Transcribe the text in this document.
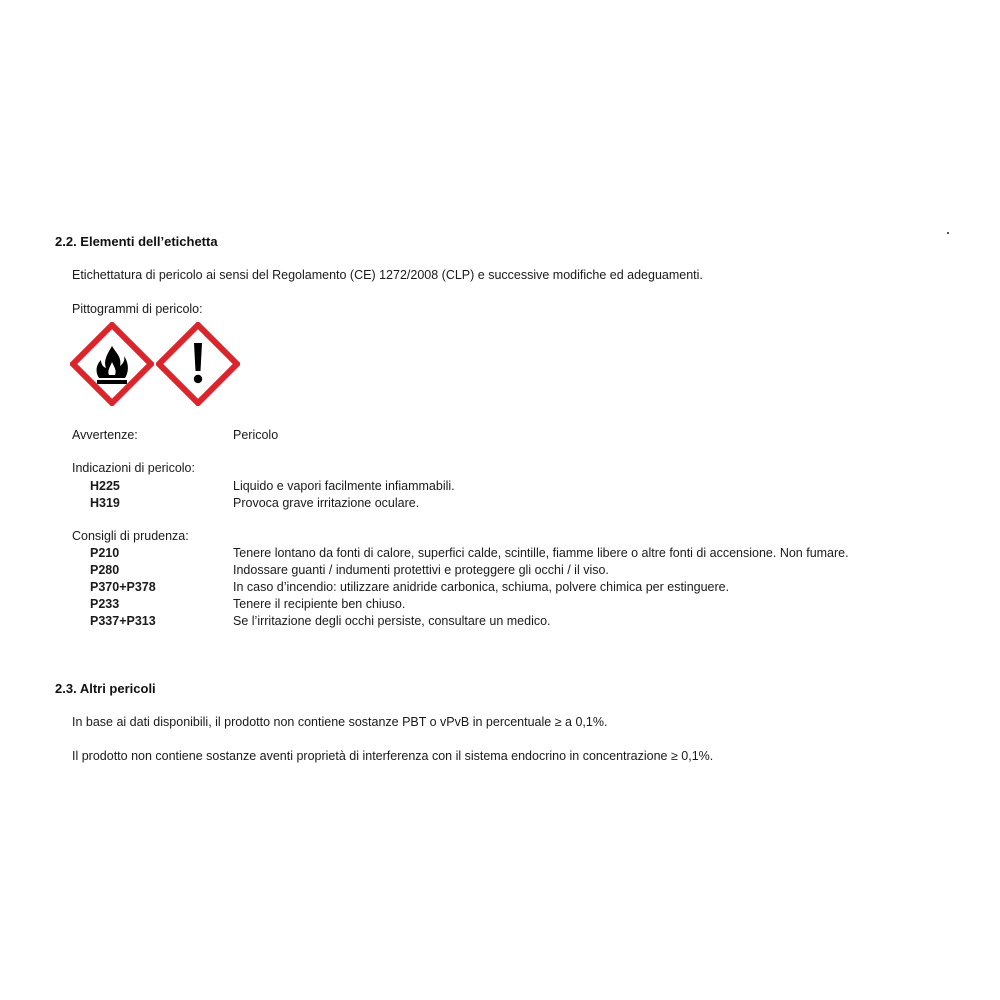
2.2. Elementi dell’etichetta
Etichettatura di pericolo ai sensi del Regolamento (CE) 1272/2008 (CLP) e successive modifiche ed adeguamenti.
Pittogrammi di pericolo:
Avvertenze:	Pericolo
Indicazioni di pericolo:
H225	Liquido e vapori facilmente infiammabili.
H319	Provoca grave irritazione oculare.
Consigli di prudenza:
P210	Tenere lontano da fonti di calore, superfici calde, scintille, fiamme libere o altre fonti di accensione. Non fumare.
P280	Indossare guanti / indumenti protettivi e proteggere gli occhi / il viso.
P370+P378	In caso d’incendio: utilizzare anidride carbonica, schiuma, polvere chimica per estinguere.
P233	Tenere il recipiente ben chiuso.
P337+P313	Se l’irritazione degli occhi persiste, consultare un medico.
2.3. Altri pericoli
In base ai dati disponibili, il prodotto non contiene sostanze PBT o vPvB in percentuale ≥ a 0,1%.
Il prodotto non contiene sostanze aventi proprietà di interferenza con il sistema endocrino in concentrazione ≥ 0,1%.
